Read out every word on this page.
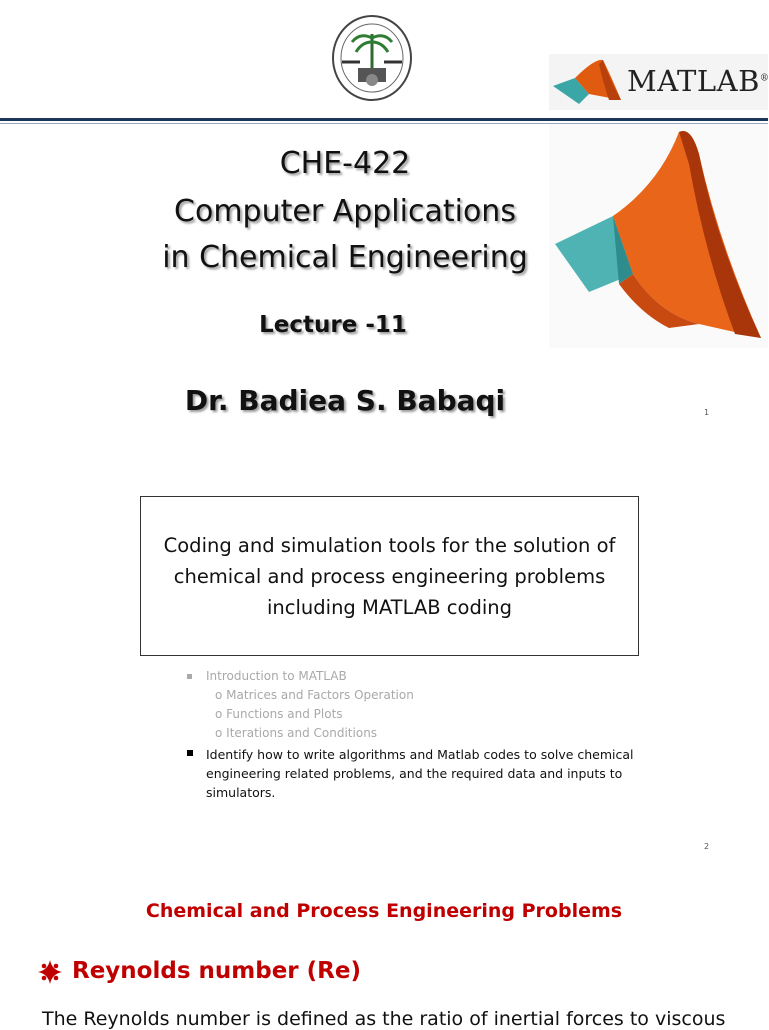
MATLAB®
CHE-422
Computer Applications
in Chemical Engineering
Lecture -11
Dr. Badiea S. Babaqi	1
Coding and simulation tools for the solution of chemical and process engineering problems including MATLAB coding
Introduction to MATLAB
o Matrices and Factors Operation
o Functions and Plots
o Iterations and Conditions
Identify how to write algorithms and Matlab codes to solve chemical engineering related problems, and the required data and inputs to simulators.
2
Chemical and Process Engineering Problems
Reynolds number (Re)
The Reynolds number is defined as the ratio of inertial forces to viscous
